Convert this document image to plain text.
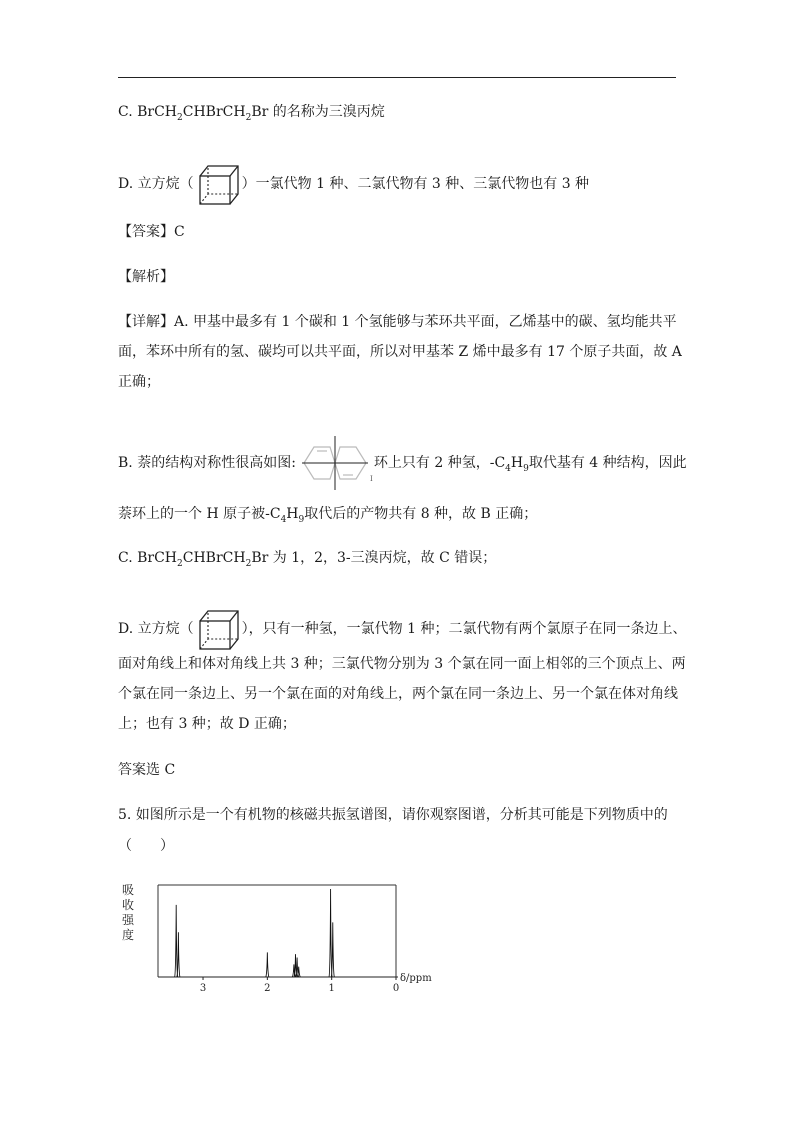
C. BrCH$_2$CHBrCH$_2$Br 的名称为三溴丙烷
D. 立方烷（	）一氯代物 1 种、二氯代物有 3 种、三氯代物也有 3 种
【答案】C
【解析】
【详解】A. 甲基中最多有 1 个碳和 1 个氢能够与苯环共平面，乙烯基中的碳、氢均能共平
面，苯环中所有的氢、碳均可以共平面，所以对甲基苯 Z 烯中最多有 17 个原子共面，故 A
正确；
B. 萘的结构对称性很高如图:
I
环上只有 2 种氢，$-C_4H_9$取代基有 4 种结构，因此
萘环上的一个 H 原子被$-C_4H_9$取代后的产物共有 8 种，故 B 正确；
C. BrCH$_2$CHBrCH$_2$Br 为 1，2，3-三溴丙烷，故 C 错误；
D. 立方烷（	），只有一种氢，一氯代物 1 种；二氯代物有两个氯原子在同一条边上、
面对角线上和体对角线上共 3 种；三氯代物分别为 3 个氯在同一面上相邻的三个顶点上、两
个氯在同一条边上、另一个氯在面的对角线上，两个氯在同一条边上、另一个氯在体对角线
上；也有 3 种；故 D 正确；
答案选 C
5. 如图所示是一个有机物的核磁共振氢谱图，请你观察图谱，分析其可能是下列物质中的
（　　）
吸
收
强
度
3	2	1	0
δ/ppm
